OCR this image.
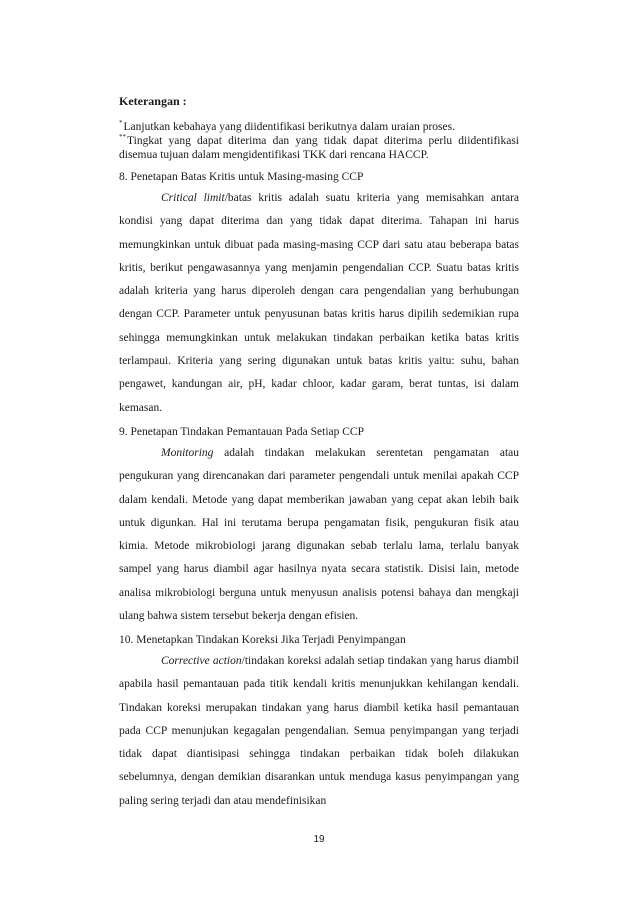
Keterangan :
*Lanjutkan kebahaya yang diidentifikasi berikutnya dalam uraian proses.
**Tingkat yang dapat diterima dan yang tidak dapat diterima perlu diidentifikasi disemua tujuan dalam mengidentifikasi TKK dari rencana HACCP.
8. Penetapan Batas Kritis untuk Masing-masing CCP
Critical limit/batas kritis adalah suatu kriteria yang memisahkan antara kondisi yang dapat diterima dan yang tidak dapat diterima. Tahapan ini harus memungkinkan untuk dibuat pada masing-masing CCP dari satu atau beberapa batas kritis, berikut pengawasannya yang menjamin pengendalian CCP. Suatu batas kritis adalah kriteria yang harus diperoleh dengan cara pengendalian yang berhubungan dengan CCP. Parameter untuk penyusunan batas kritis harus dipilih sedemikian rupa sehingga memungkinkan untuk melakukan tindakan perbaikan ketika batas kritis terlampaui. Kriteria yang sering digunakan untuk batas kritis yaitu: suhu, bahan pengawet, kandungan air, pH, kadar chloor, kadar garam, berat tuntas, isi dalam kemasan.
9. Penetapan Tindakan Pemantauan Pada Setiap CCP
Monitoring adalah tindakan melakukan serentetan pengamatan atau pengukuran yang direncanakan dari parameter pengendali untuk menilai apakah CCP dalam kendali. Metode yang dapat memberikan jawaban yang cepat akan lebih baik untuk digunkan. Hal ini terutama berupa pengamatan fisik, pengukuran fisik atau kimia. Metode mikrobiologi jarang digunakan sebab terlalu lama, terlalu banyak sampel yang harus diambil agar hasilnya nyata secara statistik. Disisi lain, metode analisa mikrobiologi berguna untuk menyusun analisis potensi bahaya dan mengkaji ulang bahwa sistem tersebut bekerja dengan efisien.
10. Menetapkan Tindakan Koreksi Jika Terjadi Penyimpangan
Corrective action/tindakan koreksi adalah setiap tindakan yang harus diambil apabila hasil pemantauan pada titik kendali kritis menunjukkan kehilangan kendali. Tindakan koreksi merupakan tindakan yang harus diambil ketika hasil pemantauan pada CCP menunjukan kegagalan pengendalian. Semua penyimpangan yang terjadi tidak dapat diantisipasi sehingga tindakan perbaikan tidak boleh dilakukan sebelumnya, dengan demikian disarankan untuk menduga kasus penyimpangan yang paling sering terjadi dan atau mendefinisikan
19
